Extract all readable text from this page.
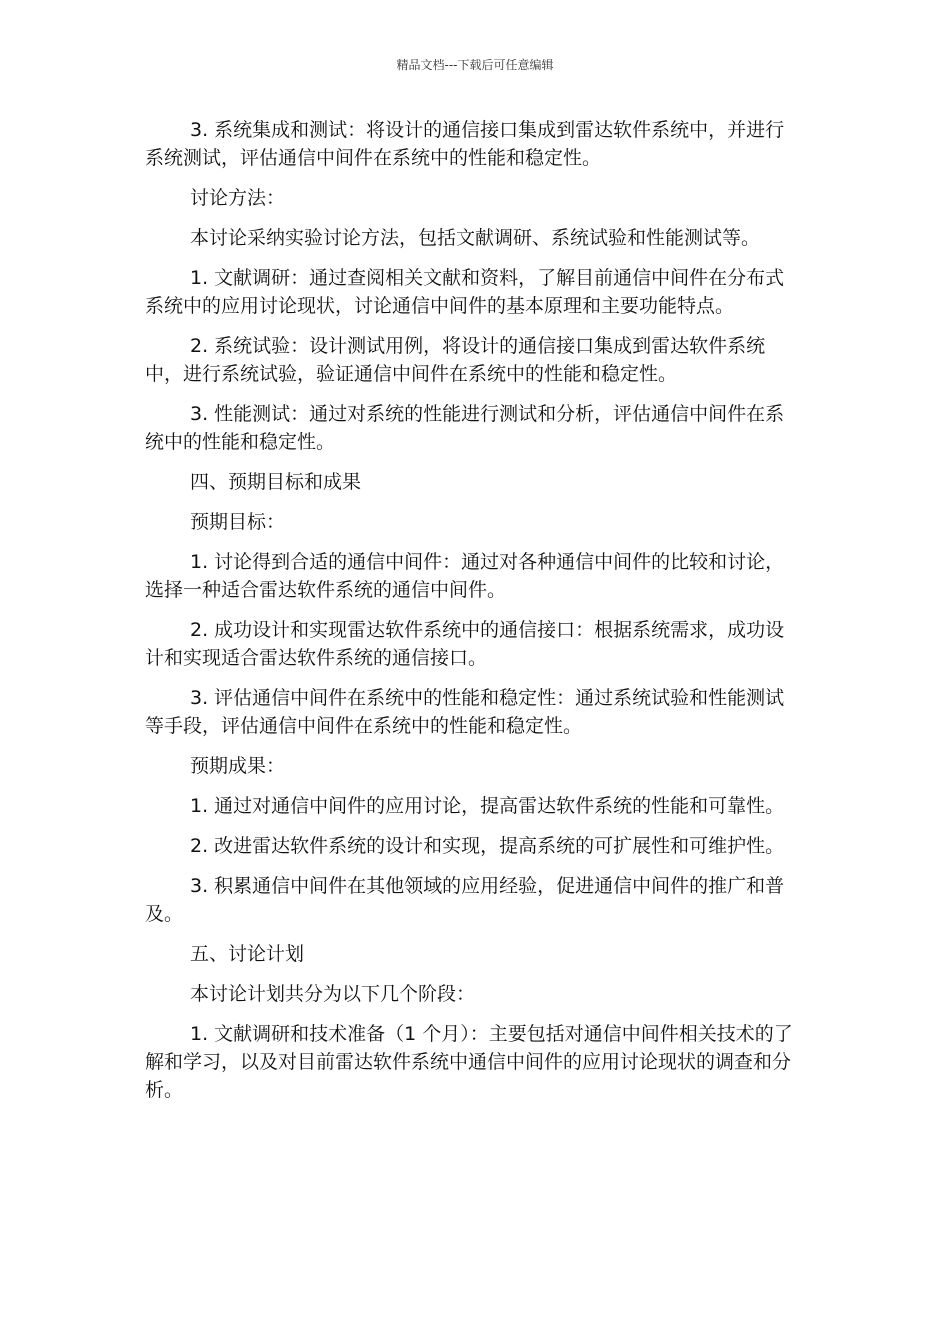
精品文档---下载后可任意编辑

3. 系统集成和测试：将设计的通信接口集成到雷达软件系统中，并进行系统测试，评估通信中间件在系统中的性能和稳定性。

讨论方法：

本讨论采纳实验讨论方法，包括文献调研、系统试验和性能测试等。

1. 文献调研：通过查阅相关文献和资料，了解目前通信中间件在分布式系统中的应用讨论现状，讨论通信中间件的基本原理和主要功能特点。

2. 系统试验：设计测试用例，将设计的通信接口集成到雷达软件系统中，进行系统试验，验证通信中间件在系统中的性能和稳定性。

3. 性能测试：通过对系统的性能进行测试和分析，评估通信中间件在系统中的性能和稳定性。

四、预期目标和成果

预期目标：

1. 讨论得到合适的通信中间件：通过对各种通信中间件的比较和讨论，选择一种适合雷达软件系统的通信中间件。

2. 成功设计和实现雷达软件系统中的通信接口：根据系统需求，成功设计和实现适合雷达软件系统的通信接口。

3. 评估通信中间件在系统中的性能和稳定性：通过系统试验和性能测试等手段，评估通信中间件在系统中的性能和稳定性。

预期成果：

1. 通过对通信中间件的应用讨论，提高雷达软件系统的性能和可靠性。

2. 改进雷达软件系统的设计和实现，提高系统的可扩展性和可维护性。

3. 积累通信中间件在其他领域的应用经验，促进通信中间件的推广和普及。

五、讨论计划

本讨论计划共分为以下几个阶段：

1. 文献调研和技术准备（1 个月）：主要包括对通信中间件相关技术的了解和学习，以及对目前雷达软件系统中通信中间件的应用讨论现状的调查和分析。
